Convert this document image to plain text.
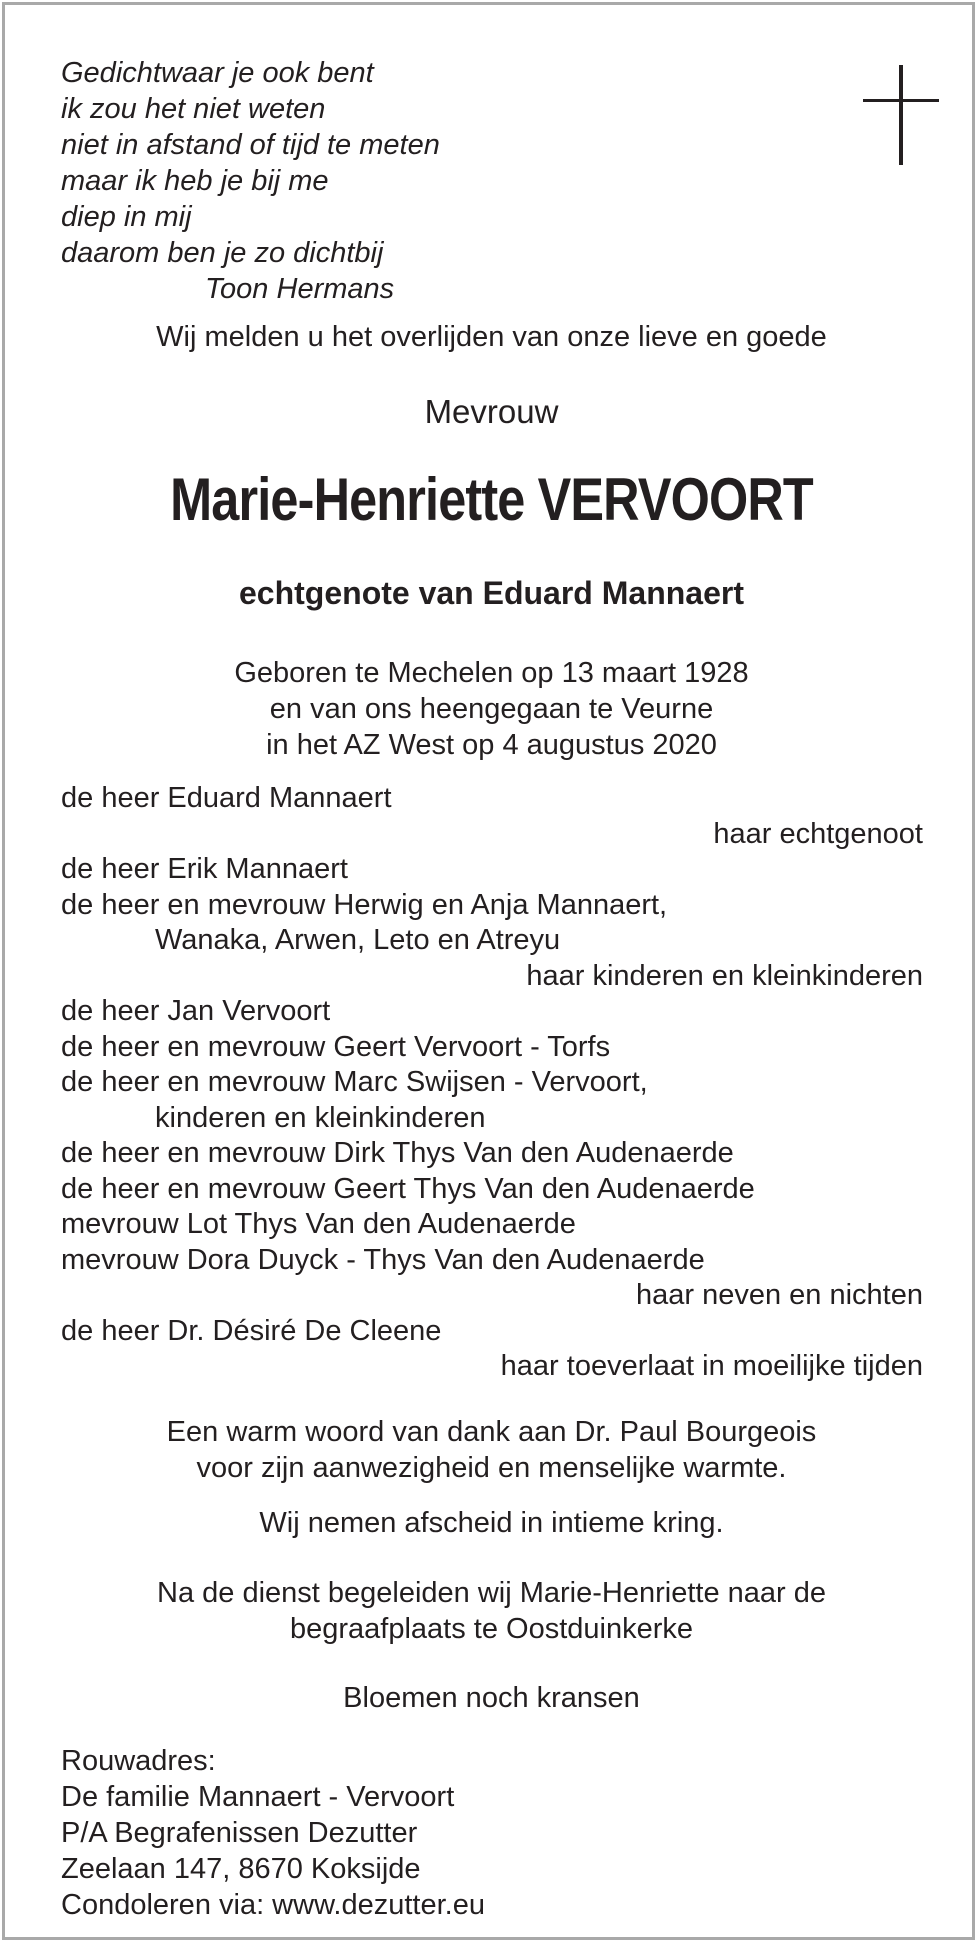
Gedichtwaar je ook bent
ik zou het niet weten
niet in afstand of tijd te meten
maar ik heb je bij me
diep in mij
daarom ben je zo dichtbij
Toon Hermans
Wij melden u het overlijden van onze lieve en goede
Mevrouw
Marie-Henriette VERVOORT
echtgenote van Eduard Mannaert
Geboren te Mechelen op 13 maart 1928
en van ons heengegaan te Veurne
in het AZ West op 4 augustus 2020
de heer Eduard Mannaert
haar echtgenoot
de heer Erik Mannaert
de heer en mevrouw Herwig en Anja Mannaert,
Wanaka, Arwen, Leto en Atreyu
haar kinderen en kleinkinderen
de heer Jan Vervoort
de heer en mevrouw Geert Vervoort - Torfs
de heer en mevrouw Marc Swijsen - Vervoort,
kinderen en kleinkinderen
de heer en mevrouw Dirk Thys Van den Audenaerde
de heer en mevrouw Geert Thys Van den Audenaerde
mevrouw Lot Thys Van den Audenaerde
mevrouw Dora Duyck - Thys Van den Audenaerde
haar neven en nichten
de heer Dr. Désiré De Cleene
haar toeverlaat in moeilijke tijden
Een warm woord van dank aan Dr. Paul Bourgeois
voor zijn aanwezigheid en menselijke warmte.
Wij nemen afscheid in intieme kring.
Na de dienst begeleiden wij Marie-Henriette naar de
begraafplaats te Oostduinkerke
Bloemen noch kransen
Rouwadres:
De familie Mannaert - Vervoort
P/A Begrafenissen Dezutter
Zeelaan 147, 8670 Koksijde
Condoleren via: www.dezutter.eu
